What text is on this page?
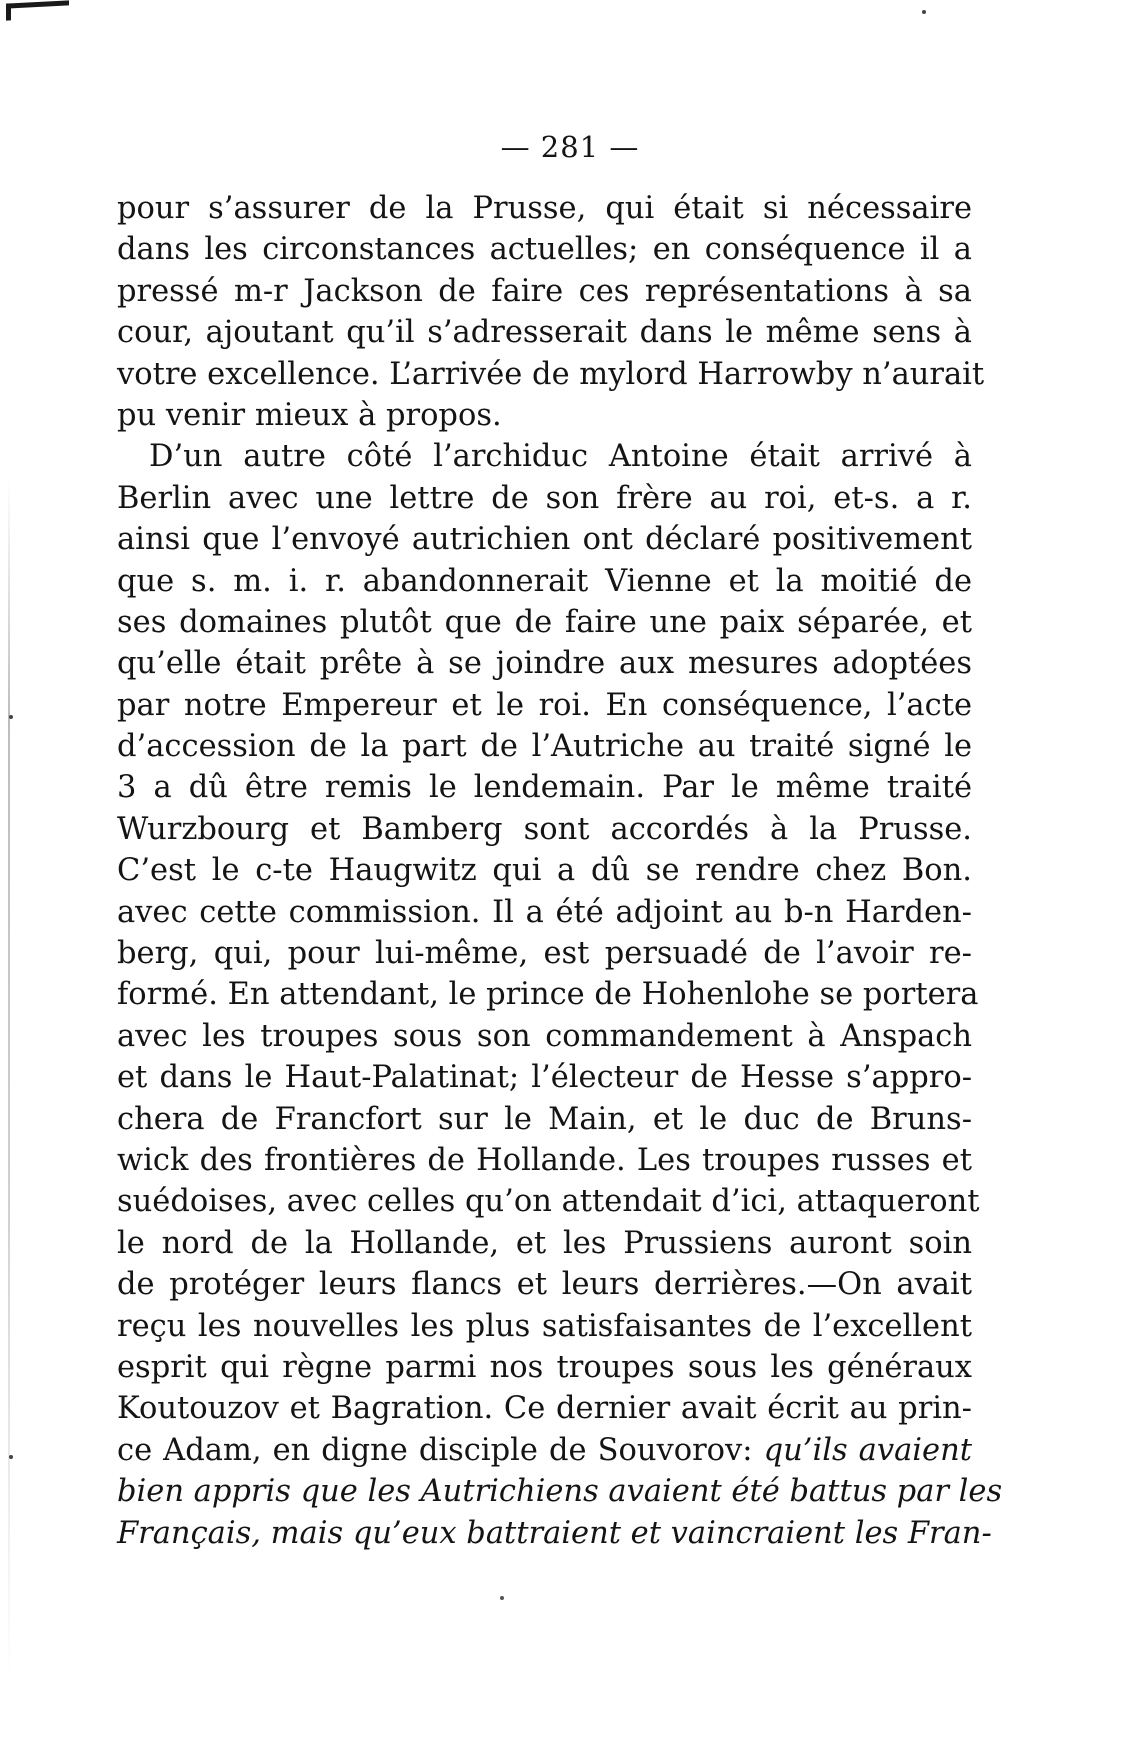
— 281 —
pour s’assurer de la Prusse, qui était si nécessaire
dans les circonstances actuelles; en conséquence il a
pressé m-r Jackson de faire ces représentations à sa
cour, ajoutant qu’il s’adresserait dans le même sens à
votre excellence. L’arrivée de mylord Harrowby n’aurait
pu venir mieux à propos.
D’un autre côté l’archiduc Antoine était arrivé à
Berlin avec une lettre de son frère au roi, et-s. a r.
ainsi que l’envoyé autrichien ont déclaré positivement
que s. m. i. r. abandonnerait Vienne et la moitié de
ses domaines plutôt que de faire une paix séparée, et
qu’elle était prête à se joindre aux mesures adoptées
par notre Empereur et le roi. En conséquence, l’acte
d’accession de la part de l’Autriche au traité signé le
3 a dû être remis le lendemain. Par le même traité
Wurzbourg et Bamberg sont accordés à la Prusse.
C’est le c-te Haugwitz qui a dû se rendre chez Bon.
avec cette commission. Il a été adjoint au b-n Harden-
berg, qui, pour lui-même, est persuadé de l’avoir re-
formé. En attendant, le prince de Hohenlohe se portera
avec les troupes sous son commandement à Anspach
et dans le Haut-Palatinat; l’électeur de Hesse s’appro-
chera de Francfort sur le Main, et le duc de Bruns-
wick des frontières de Hollande. Les troupes russes et
suédoises, avec celles qu’on attendait d’ici, attaqueront
le nord de la Hollande, et les Prussiens auront soin
de protéger leurs flancs et leurs derrières.—On avait
reçu les nouvelles les plus satisfaisantes de l’excellent
esprit qui règne parmi nos troupes sous les généraux
Koutouzov et Bagration. Ce dernier avait écrit au prin-
ce Adam, en digne disciple de Souvorov: qu’ils avaient
bien appris que les Autrichiens avaient été battus par les
Français, mais qu’eux battraient et vaincraient les Fran-
